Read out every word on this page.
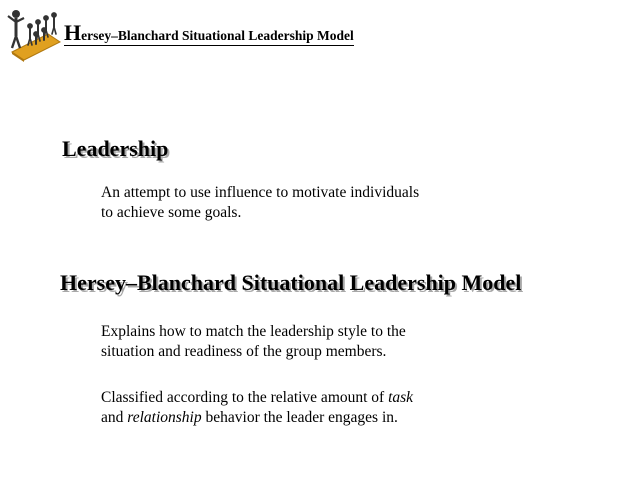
Hersey–Blanchard Situational Leadership Model
Leadership
An attempt to use influence to motivate individuals
to achieve some goals.
Hersey–Blanchard Situational Leadership Model
Explains how to match the leadership style to the
situation and readiness of the group members.
Classified according to the relative amount of task
and relationship behavior the leader engages in.
